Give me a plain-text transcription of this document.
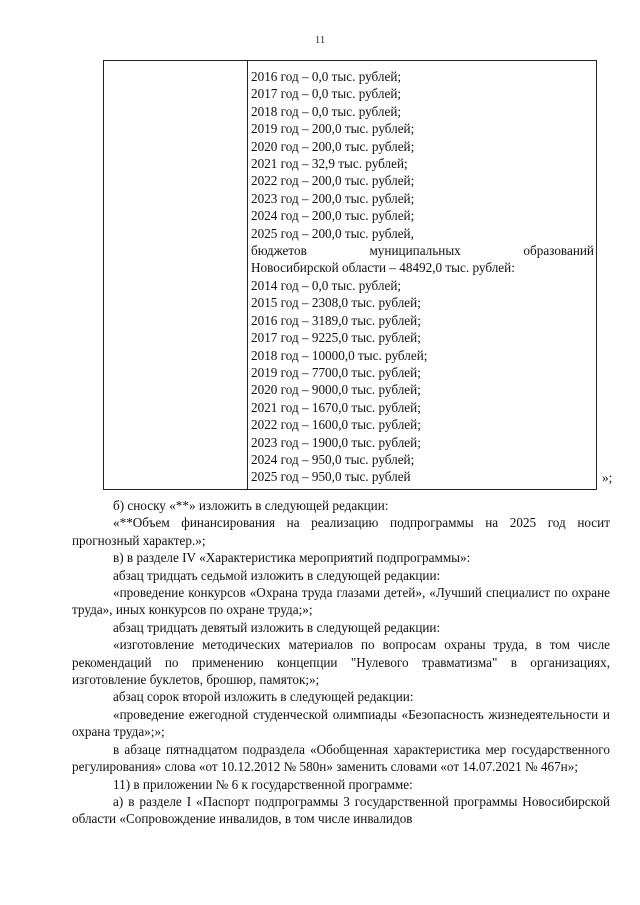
11
2016 год – 0,0 тыс. рублей;
2017 год – 0,0 тыс. рублей;
2018 год – 0,0 тыс. рублей;
2019 год – 200,0 тыс. рублей;
2020 год – 200,0 тыс. рублей;
2021 год – 32,9 тыс. рублей;
2022 год – 200,0 тыс. рублей;
2023 год – 200,0 тыс. рублей;
2024 год – 200,0 тыс. рублей;
2025 год – 200,0 тыс. рублей,
бюджетов муниципальных образований
Новосибирской области – 48492,0 тыс. рублей:
2014 год – 0,0 тыс. рублей;
2015 год – 2308,0 тыс. рублей;
2016 год – 3189,0 тыс. рублей;
2017 год – 9225,0 тыс. рублей;
2018 год – 10000,0 тыс. рублей;
2019 год – 7700,0 тыс. рублей;
2020 год – 9000,0 тыс. рублей;
2021 год – 1670,0 тыс. рублей;
2022 год – 1600,0 тыс. рублей;
2023 год – 1900,0 тыс. рублей;
2024 год – 950,0 тыс. рублей;
2025 год – 950,0 тыс. рублей	»;

б) сноску «**» изложить в следующей редакции:

«**Объем финансирования на реализацию подпрограммы на 2025 год носит прогнозный характер.»;

в) в разделе IV «Характеристика мероприятий подпрограммы»:

абзац тридцать седьмой изложить в следующей редакции:

«проведение конкурсов «Охрана труда глазами детей», «Лучший специалист по охране труда», иных конкурсов по охране труда;»;

абзац тридцать девятый изложить в следующей редакции:

«изготовление методических материалов по вопросам охраны труда, в том числе рекомендаций по применению концепции "Нулевого травматизма" в организациях, изготовление буклетов, брошюр, памяток;»;

абзац сорок второй изложить в следующей редакции:

«проведение ежегодной студенческой олимпиады «Безопасность жизнедеятельности и охрана труда»;»;

в абзаце пятнадцатом подраздела «Обобщенная характеристика мер государственного регулирования» слова «от 10.12.2012 № 580н» заменить словами «от 14.07.2021 № 467н»;

11) в приложении № 6 к государственной программе:

а) в разделе I «Паспорт подпрограммы 3 государственной программы Новосибирской области «Сопровождение инвалидов, в том числе инвалидов
